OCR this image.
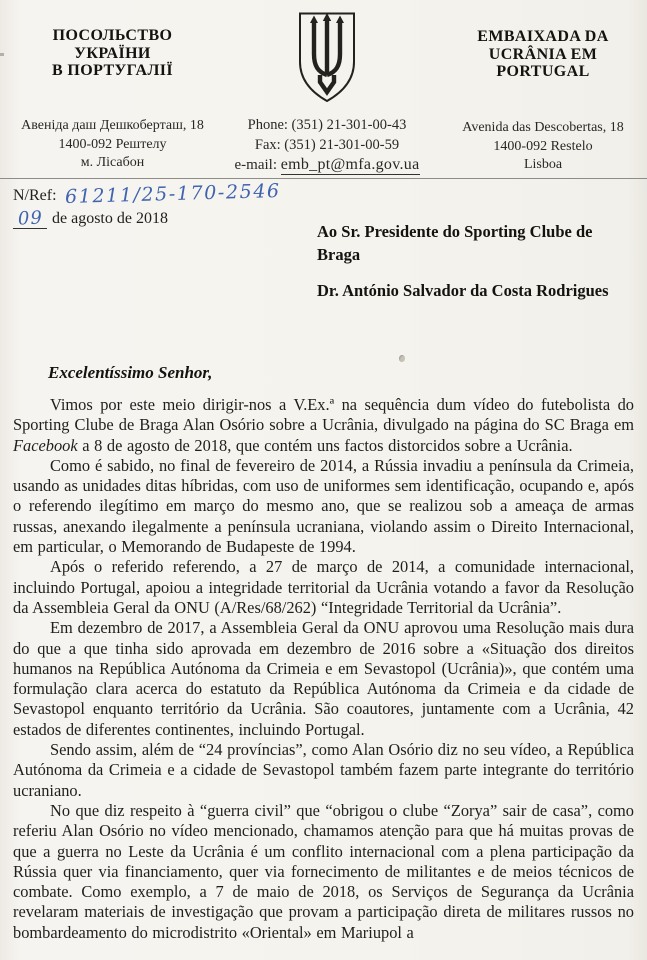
ПОСОЛЬСТВО
УКРАЇНИ
В ПОРТУГАЛІЇ
EMBAIXADA DA
UCRÂNIA EM
PORTUGAL
Авеніда даш Дешкоберташ, 18
1400-092 Рештелу
м. Лісабон
Phone: (351) 21-301-00-43
Fax: (351) 21-301-00-59
e-mail: emb_pt@mfa.gov.ua
Avenida das Descobertas, 18
1400-092 Restelo
Lisboa
N/Ref: 61211/25-170-2546
09 de agosto de 2018
Ao Sr. Presidente do Sporting Clube de Braga
Dr. António Salvador da Costa Rodrigues
Excelentíssimo Senhor,

Vimos por este meio dirigir-nos a V.Ex.ª na sequência dum vídeo do futebolista do Sporting Clube de Braga Alan Osório sobre a Ucrânia, divulgado na página do SC Braga em Facebook a 8 de agosto de 2018, que contém uns factos distorcidos sobre a Ucrânia.

Como é sabido, no final de fevereiro de 2014, a Rússia invadiu a península da Crimeia, usando as unidades ditas híbridas, com uso de uniformes sem identificação, ocupando e, após o referendo ilegítimo em março do mesmo ano, que se realizou sob a ameaça de armas russas, anexando ilegalmente a península ucraniana, violando assim o Direito Internacional, em particular, o Memorando de Budapeste de 1994.

Após o referido referendo, a 27 de março de 2014, a comunidade internacional, incluindo Portugal, apoiou a integridade territorial da Ucrânia votando a favor da Resolução da Assembleia Geral da ONU (A/Res/68/262) “Integridade Territorial da Ucrânia”.

Em dezembro de 2017, a Assembleia Geral da ONU aprovou uma Resolução mais dura do que a que tinha sido aprovada em dezembro de 2016 sobre a «Situação dos direitos humanos na República Autónoma da Crimeia e em Sevastopol (Ucrânia)», que contém uma formulação clara acerca do estatuto da República Autónoma da Crimeia e da cidade de Sevastopol enquanto território da Ucrânia. São coautores, juntamente com a Ucrânia, 42 estados de diferentes continentes, incluindo Portugal.

Sendo assim, além de “24 províncias”, como Alan Osório diz no seu vídeo, a República Autónoma da Crimeia e a cidade de Sevastopol também fazem parte integrante do território ucraniano.

No que diz respeito à “guerra civil” que “obrigou o clube “Zorya” sair de casa”, como referiu Alan Osório no vídeo mencionado, chamamos atenção para que há muitas provas de que a guerra no Leste da Ucrânia é um conflito internacional com a plena participação da Rússia quer via financiamento, quer via fornecimento de militantes e de meios técnicos de combate. Como exemplo, a 7 de maio de 2018, os Serviços de Segurança da Ucrânia revelaram materiais de investigação que provam a participação direta de militares russos no bombardeamento do microdistrito «Oriental» em Mariupol a
